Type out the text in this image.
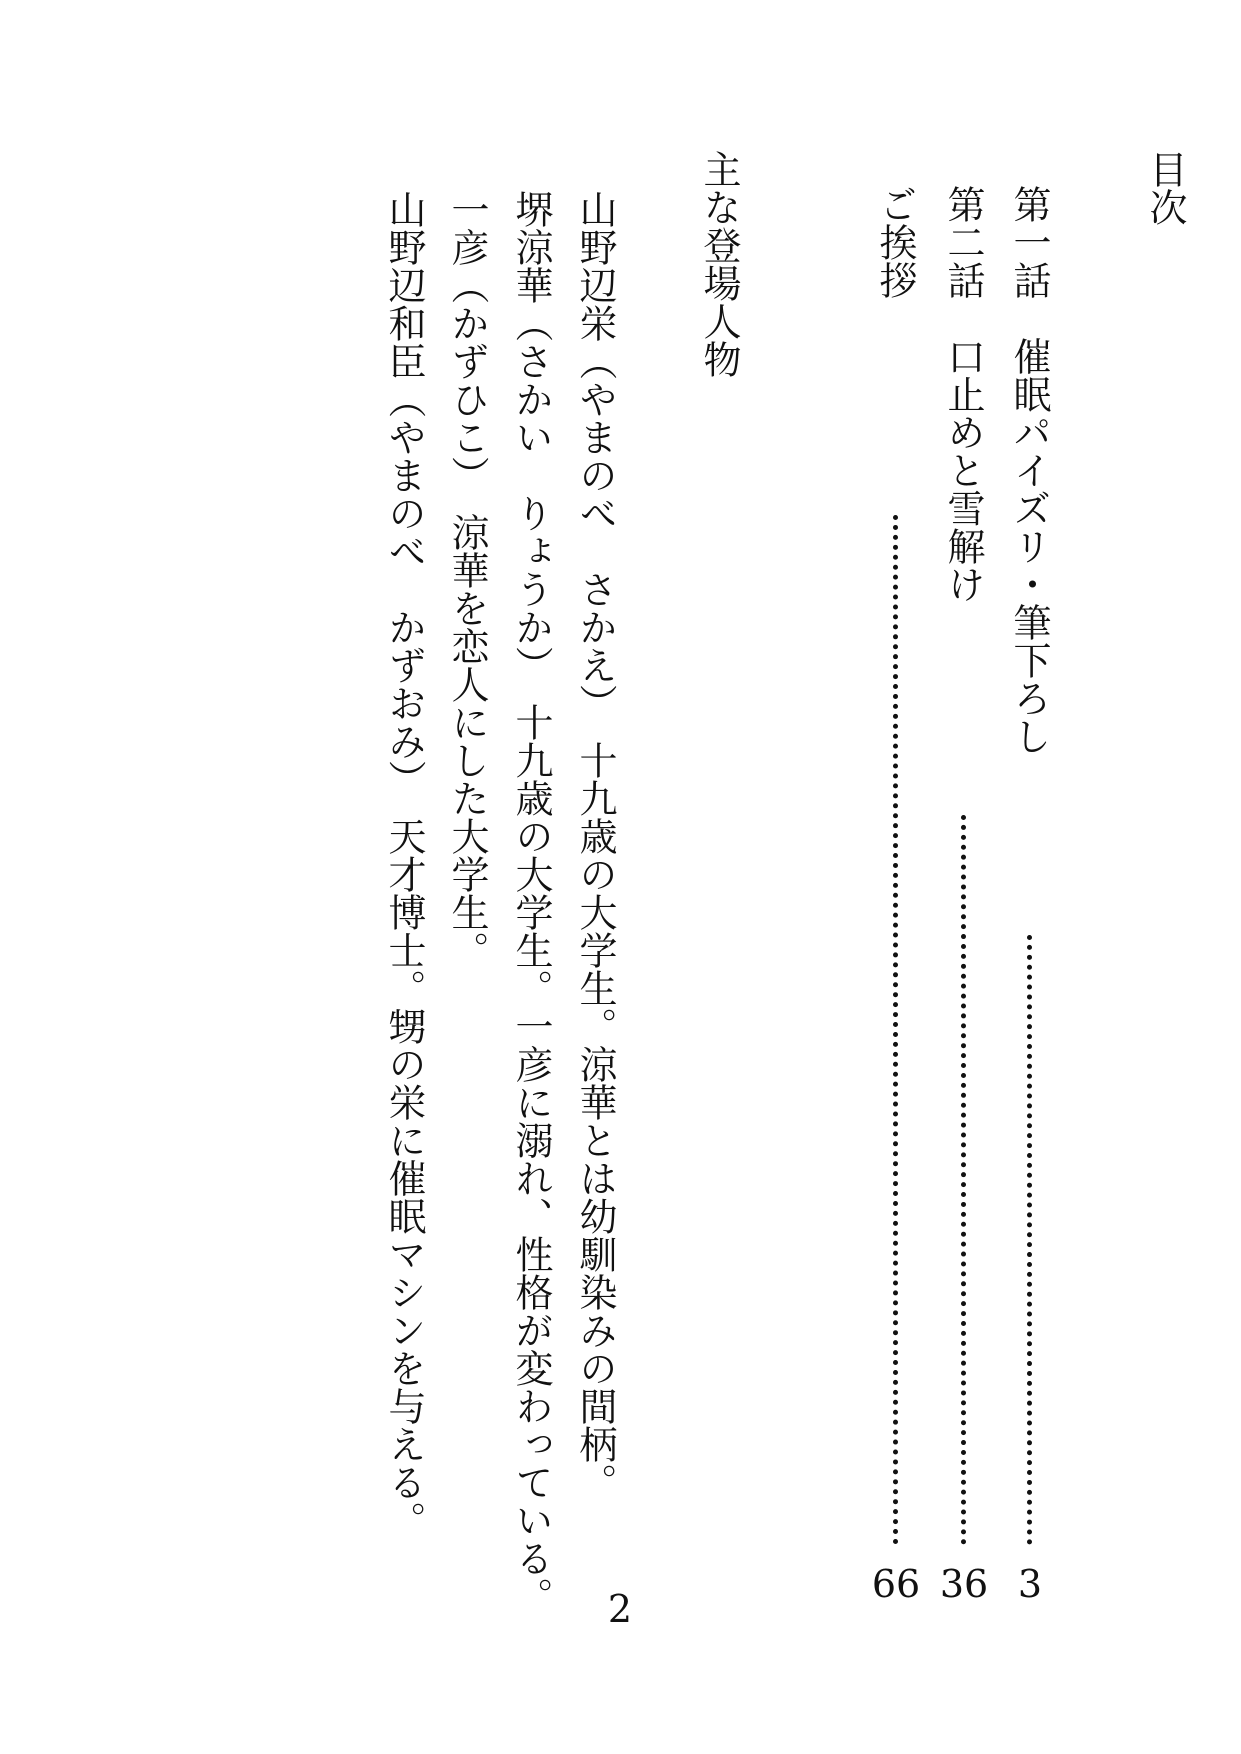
目次
第一話　催眠パイズリ・筆下ろし
3
第二話　口止めと雪解け
36
ご挨拶
66
主な登場人物
山野辺栄（やまのべ　さかえ）　十九歳の大学生。涼華とは幼馴染みの間柄。
堺涼華（さかい　りょうか）　十九歳の大学生。一彦に溺れ、性格が変わっている。
一彦（かずひこ）　涼華を恋人にした大学生。
山野辺和臣（やまのべ　かずおみ）　天才博士。甥の栄に催眠マシンを与える。
2
